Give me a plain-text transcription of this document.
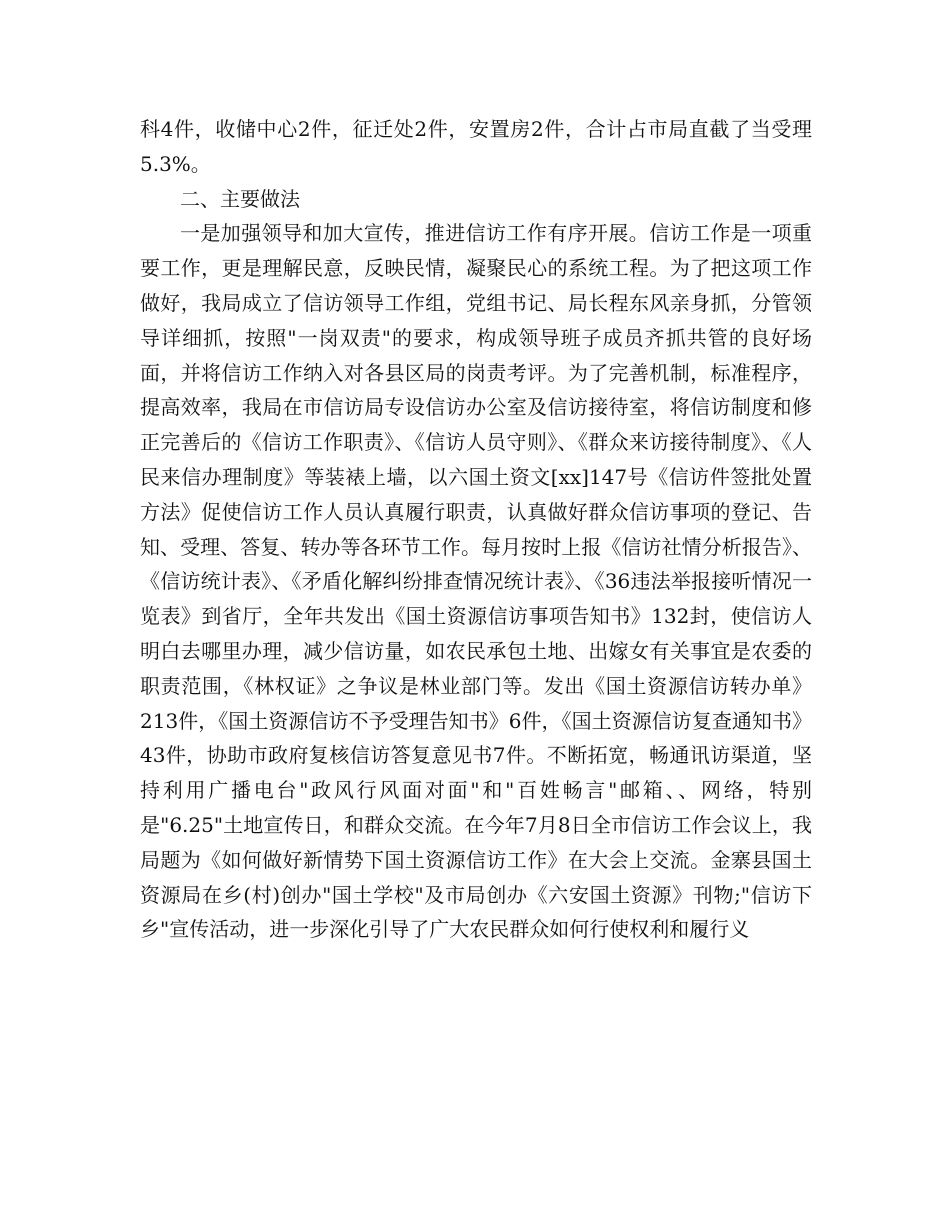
科4件，收储中心2件，征迁处2件，安置房2件，合计占市局直截了当受理5.3%。

二、主要做法

一是加强领导和加大宣传，推进信访工作有序开展。信访工作是一项重要工作，更是理解民意，反映民情，凝聚民心的系统工程。为了把这项工作做好，我局成立了信访领导工作组，党组书记、局长程东风亲身抓，分管领导详细抓，按照"一岗双责"的要求，构成领导班子成员齐抓共管的良好场面，并将信访工作纳入对各县区局的岗责考评。为了完善机制，标准程序，提高效率，我局在市信访局专设信访办公室及信访接待室，将信访制度和修正完善后的《信访工作职责》、《信访人员守则》、《群众来访接待制度》、《人民来信办理制度》等装裱上墙，以六国土资文[xx]147号《信访件签批处置方法》促使信访工作人员认真履行职责，认真做好群众信访事项的登记、告知、受理、答复、转办等各环节工作。每月按时上报《信访社情分析报告》、《信访统计表》、《矛盾化解纠纷排查情况统计表》、《36违法举报接听情况一览表》到省厅，全年共发出《国土资源信访事项告知书》132封，使信访人明白去哪里办理，减少信访量，如农民承包土地、出嫁女有关事宜是农委的职责范围，《林权证》之争议是林业部门等。发出《国土资源信访转办单》213件，《国土资源信访不予受理告知书》6件，《国土资源信访复查通知书》43件，协助市政府复核信访答复意见书7件。不断拓宽，畅通讯访渠道，坚持利用广播电台"政风行风面对面"和"百姓畅言"邮箱、、网络，特别是"6.25"土地宣传日，和群众交流。在今年7月8日全市信访工作会议上，我局题为《如何做好新情势下国土资源信访工作》在大会上交流。金寨县国土资源局在乡(村)创办"国土学校"及市局创办《六安国土资源》刊物;"信访下乡"宣传活动，进一步深化引导了广大农民群众如何行使权利和履行义
